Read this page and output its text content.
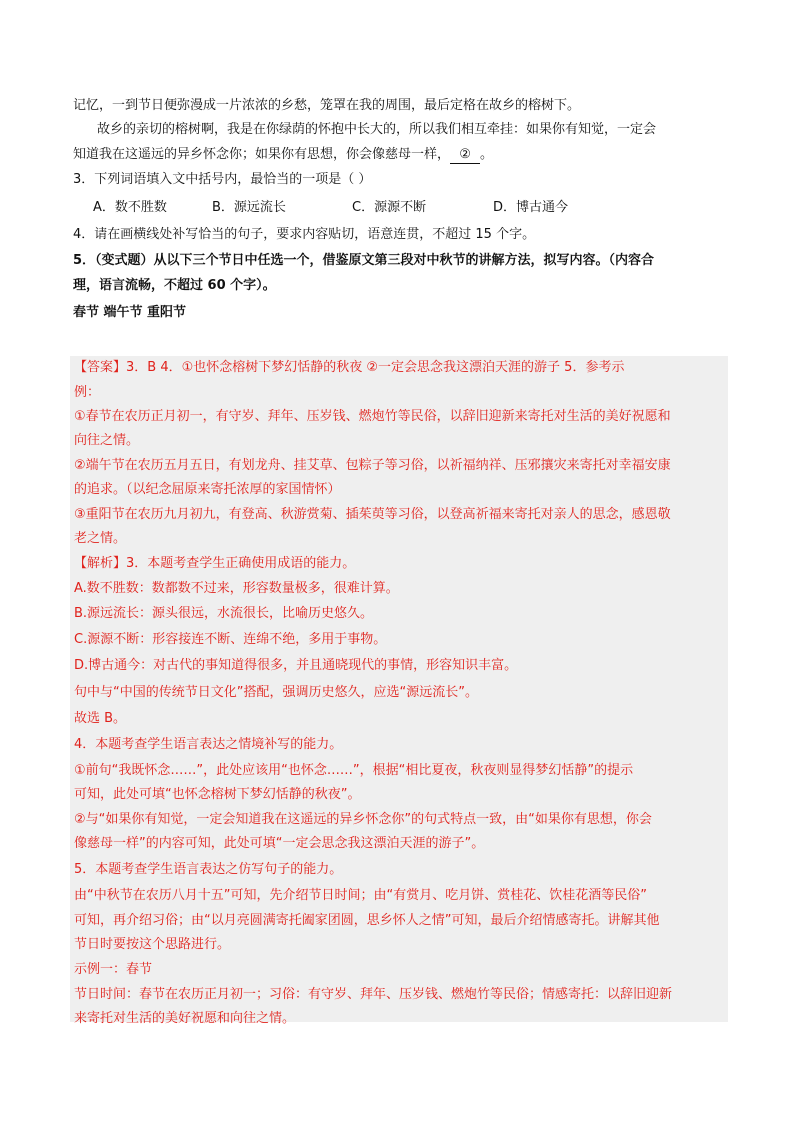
记忆，一到节日便弥漫成一片浓浓的乡愁，笼罩在我的周围，最后定格在故乡的榕树下。
故乡的亲切的榕树啊，我是在你绿荫的怀抱中长大的，所以我们相互牵挂：如果你有知觉，一定会
知道我在这遥远的异乡怀念你；如果你有思想，你会像慈母一样， ② 。
3．下列词语填入文中括号内，最恰当的一项是（ ）
A．数不胜数	B．源远流长	C．源源不断	D．博古通今
4．请在画横线处补写恰当的句子，要求内容贴切，语意连贯，不超过 15 个字。
5．（变式题）从以下三个节日中任选一个，借鉴原文第三段对中秋节的讲解方法，拟写内容。（内容合
理，语言流畅，不超过 60 个字）。
春节 端午节 重阳节
【答案】3．B 4．①也怀念榕树下梦幻恬静的秋夜 ②一定会思念我这漂泊天涯的游子 5．参考示
例：
①春节在农历正月初一，有守岁、拜年、压岁钱、燃炮竹等民俗，以辞旧迎新来寄托对生活的美好祝愿和
向往之情。
②端午节在农历五月五日，有划龙舟、挂艾草、包粽子等习俗，以祈福纳祥、压邪攘灾来寄托对幸福安康
的追求。（以纪念屈原来寄托浓厚的家国情怀）
③重阳节在农历九月初九，有登高、秋游赏菊、插茱萸等习俗，以登高祈福来寄托对亲人的思念，感恩敬
老之情。
【解析】3．本题考查学生正确使用成语的能力。
A.数不胜数：数都数不过来，形容数量极多，很难计算。
B.源远流长：源头很远，水流很长，比喻历史悠久。
C.源源不断：形容接连不断、连绵不绝，多用于事物。
D.博古通今：对古代的事知道得很多，并且通晓现代的事情，形容知识丰富。
句中与“中国的传统节日文化”搭配，强调历史悠久，应选“源远流长”。
故选 B。
4．本题考查学生语言表达之情境补写的能力。
①前句“我既怀念……”，此处应该用“也怀念……”，根据“相比夏夜，秋夜则显得梦幻恬静”的提示
可知，此处可填“也怀念榕树下梦幻恬静的秋夜”。
②与“如果你有知觉，一定会知道我在这遥远的异乡怀念你”的句式特点一致，由“如果你有思想，你会
像慈母一样”的内容可知，此处可填“一定会思念我这漂泊天涯的游子”。
5．本题考查学生语言表达之仿写句子的能力。
由“中秋节在农历八月十五”可知，先介绍节日时间；由“有赏月、吃月饼、赏桂花、饮桂花酒等民俗”
可知，再介绍习俗；由“以月亮圆满寄托阖家团圆，思乡怀人之情”可知，最后介绍情感寄托。讲解其他
节日时要按这个思路进行。
示例一：春节
节日时间：春节在农历正月初一；习俗：有守岁、拜年、压岁钱、燃炮竹等民俗；情感寄托：以辞旧迎新
来寄托对生活的美好祝愿和向往之情。
